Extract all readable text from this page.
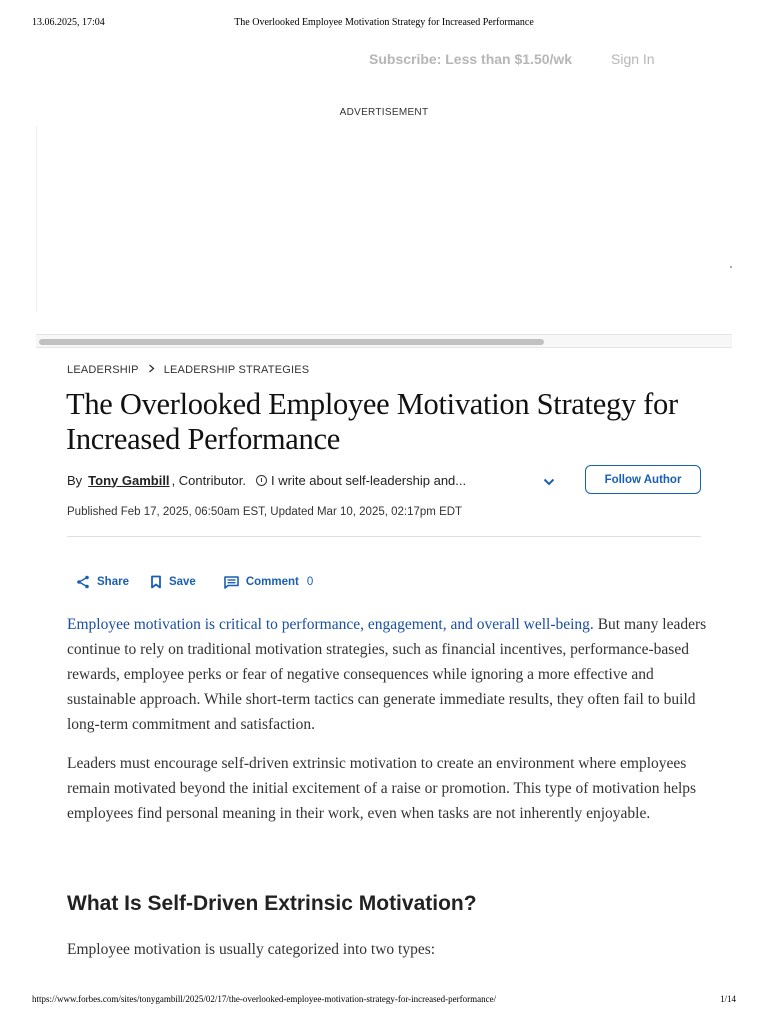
13.06.2025, 17:04	The Overlooked Employee Motivation Strategy for Increased Performance
Subscribe: Less than $1.50/wk	Sign In
ADVERTISEMENT
LEADERSHIP LEADERSHIP STRATEGIES
The Overlooked Employee Motivation Strategy for Increased Performance
By Tony Gambill , Contributor. I write about self-leadership and...	Follow Author
Published Feb 17, 2025, 06:50am EST, Updated Mar 10, 2025, 02:17pm EDT
Share	Save	Comment 0

Employee motivation is critical to performance, engagement, and overall well-being. But many leaders continue to rely on traditional motivation strategies, such as financial incentives, performance-based rewards, employee perks or fear of negative consequences while ignoring a more effective and sustainable approach. While short-term tactics can generate immediate results, they often fail to build long-term commitment and satisfaction.

Leaders must encourage self-driven extrinsic motivation to create an environment where employees remain motivated beyond the initial excitement of a raise or promotion. This type of motivation helps employees find personal meaning in their work, even when tasks are not inherently enjoyable.

What Is Self-Driven Extrinsic Motivation?

Employee motivation is usually categorized into two types:

https://www.forbes.com/sites/tonygambill/2025/02/17/the-overlooked-employee-motivation-strategy-for-increased-performance/	1/14
